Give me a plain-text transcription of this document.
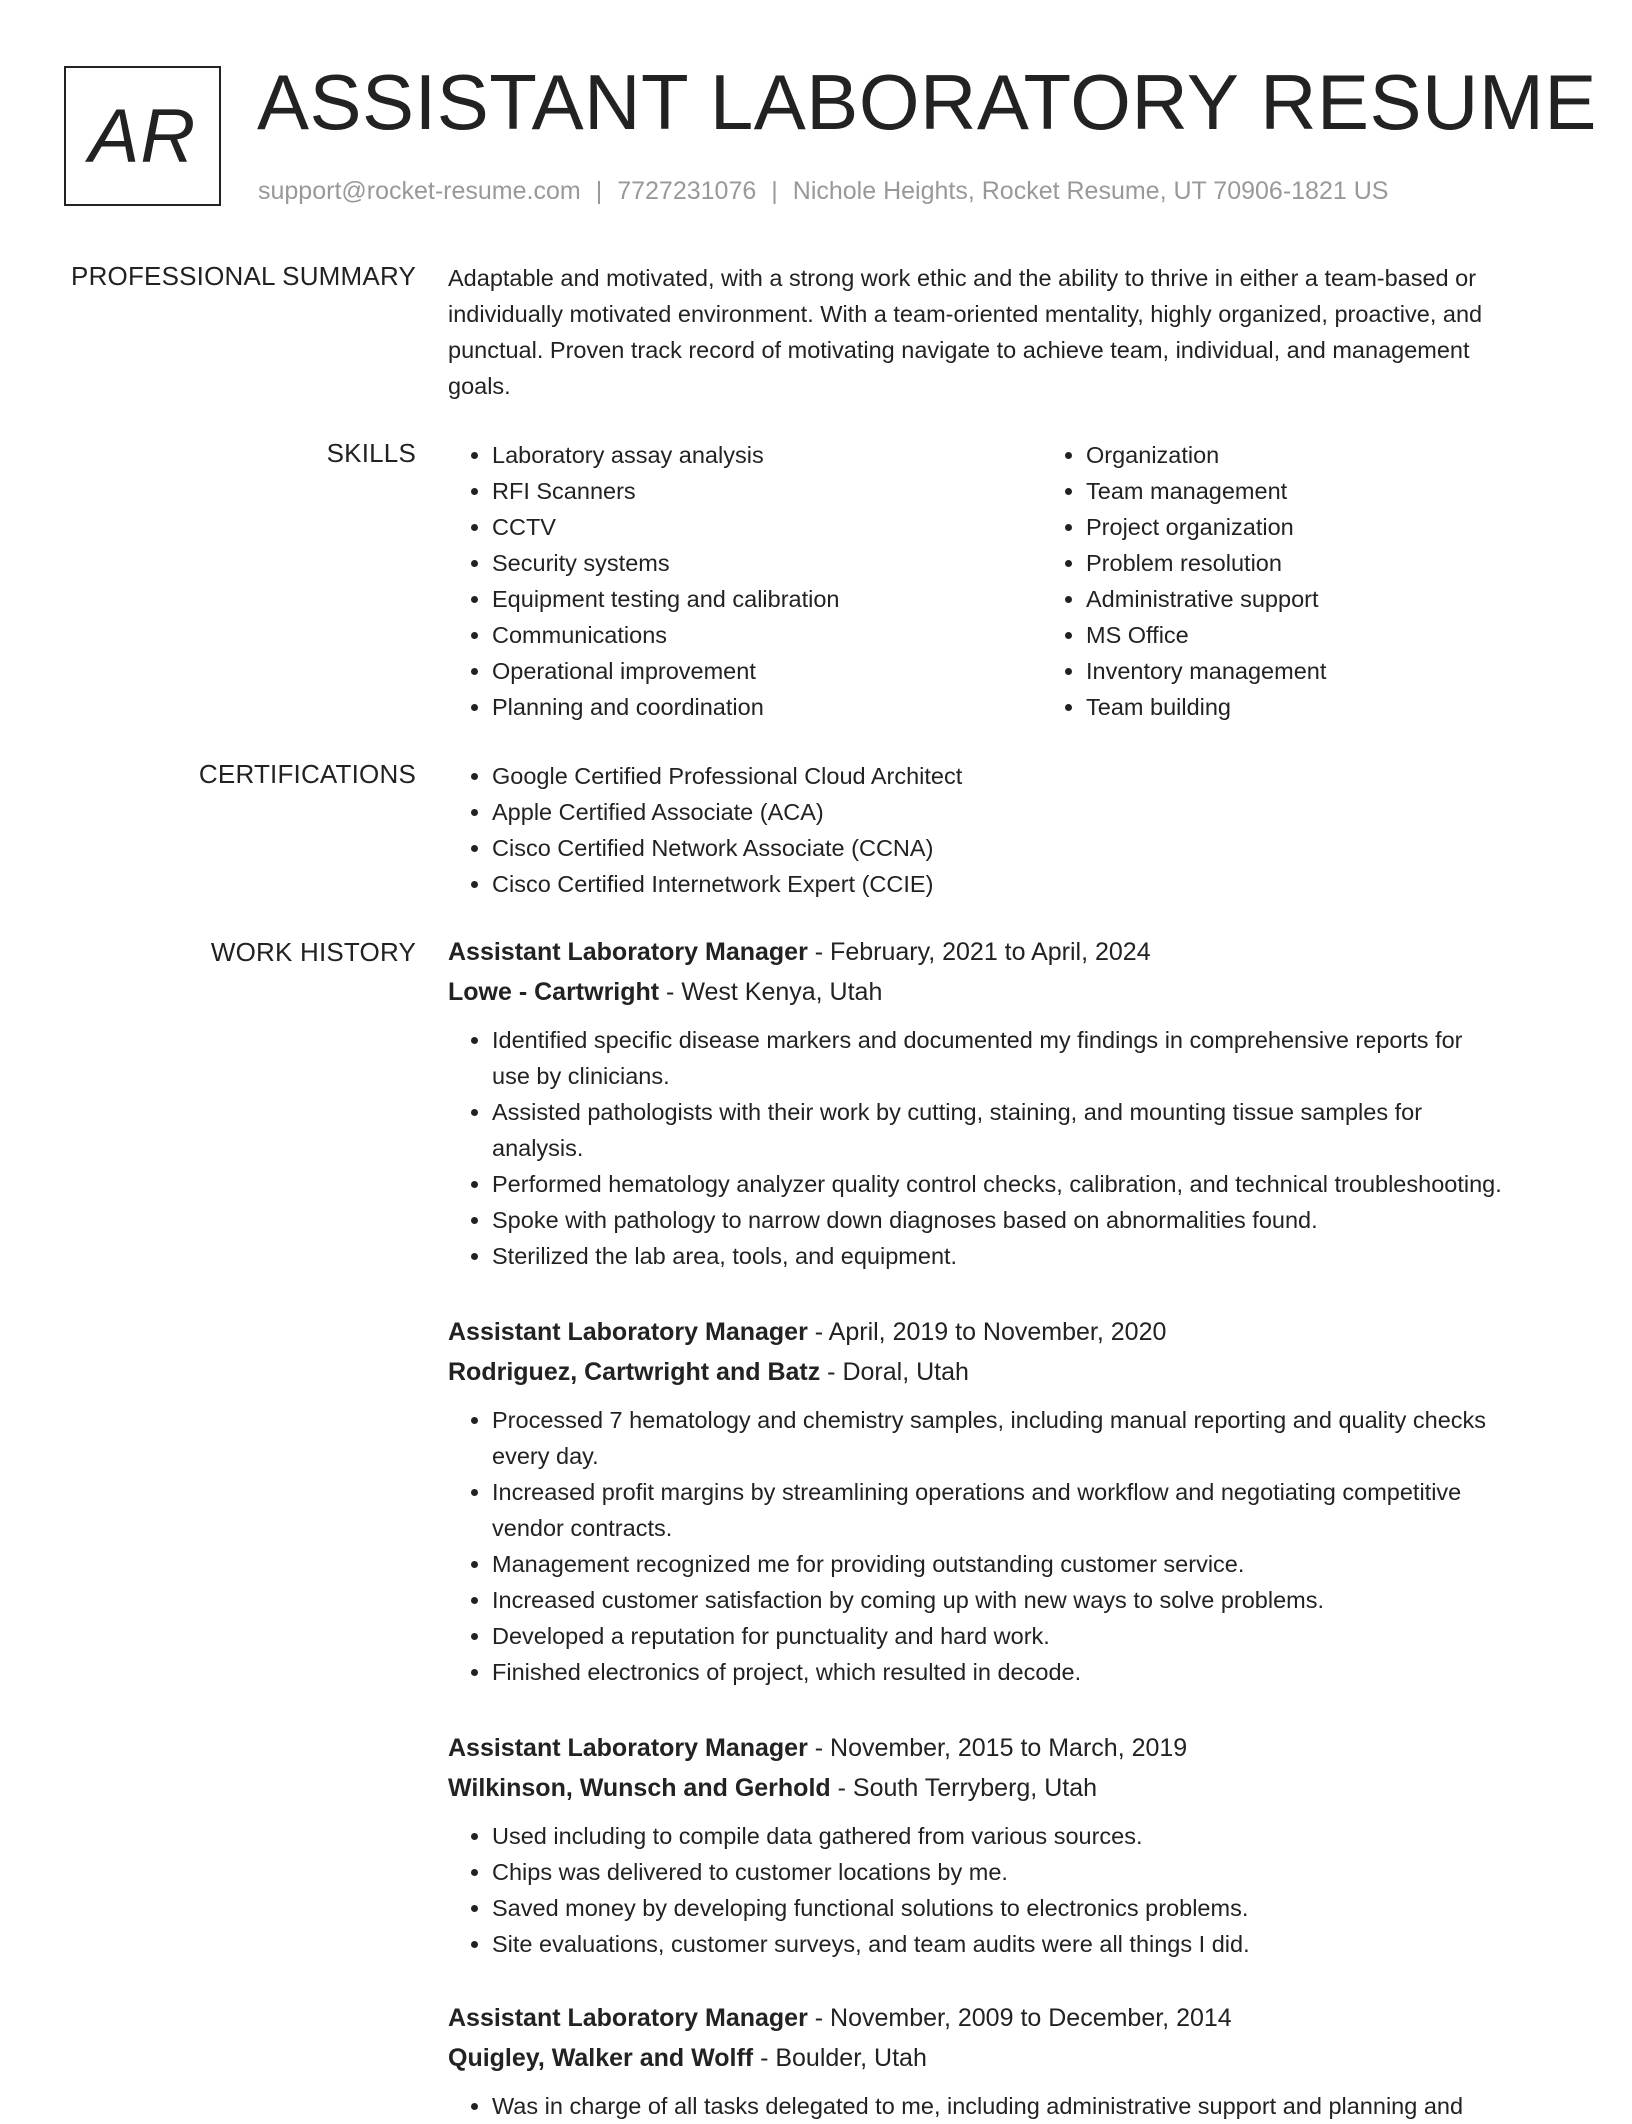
AR ASSISTANT LABORATORY RESUME
support@rocket-resume.com | 7727231076 | Nichole Heights, Rocket Resume, UT 70906-1821 US
PROFESSIONAL SUMMARY Adaptable and motivated, with a strong work ethic and the ability to thrive in either a team-based or

individually motivated environment. With a team-oriented mentality, highly organized, proactive, and

punctual. Proven track record of motivating navigate to achieve team, individual, and management

goals.

SKILLS	• Laboratory assay analysis
• RFI Scanners
• CCTV
• Security systems
• Equipment testing and calibration
• Communications
• Operational improvement
• Planning and coordination
• Organization
• Team management
• Project organization
• Problem resolution
• Administrative support
• MS Office
• Inventory management
• Team building
CERTIFICATIONS	• Google Certified Professional Cloud Architect
• Apple Certified Associate (ACA)
• Cisco Certified Network Associate (CCNA)
• Cisco Certified Internetwork Expert (CCIE)
WORK HISTORY Assistant Laboratory Manager - February, 2021 to April, 2024
Lowe - Cartwright - West Kenya, Utah
• Identified specific disease markers and documented my findings in comprehensive reports for
use by clinicians.
• Assisted pathologists with their work by cutting, staining, and mounting tissue samples for
analysis.
• Performed hematology analyzer quality control checks, calibration, and technical troubleshooting.
• Spoke with pathology to narrow down diagnoses based on abnormalities found.
• Sterilized the lab area, tools, and equipment.
Assistant Laboratory Manager - April, 2019 to November, 2020
Rodriguez, Cartwright and Batz - Doral, Utah
• Processed 7 hematology and chemistry samples, including manual reporting and quality checks
every day.
• Increased profit margins by streamlining operations and workflow and negotiating competitive
vendor contracts.
• Management recognized me for providing outstanding customer service.
• Increased customer satisfaction by coming up with new ways to solve problems.
• Developed a reputation for punctuality and hard work.
• Finished electronics of project, which resulted in decode.
Assistant Laboratory Manager - November, 2015 to March, 2019
Wilkinson, Wunsch and Gerhold - South Terryberg, Utah
• Used including to compile data gathered from various sources.
• Chips was delivered to customer locations by me.
• Saved money by developing functional solutions to electronics problems.
• Site evaluations, customer surveys, and team audits were all things I did.
Assistant Laboratory Manager - November, 2009 to December, 2014
Quigley, Walker and Wolff - Boulder, Utah
• Was in charge of all tasks delegated to me, including administrative support and planning and
